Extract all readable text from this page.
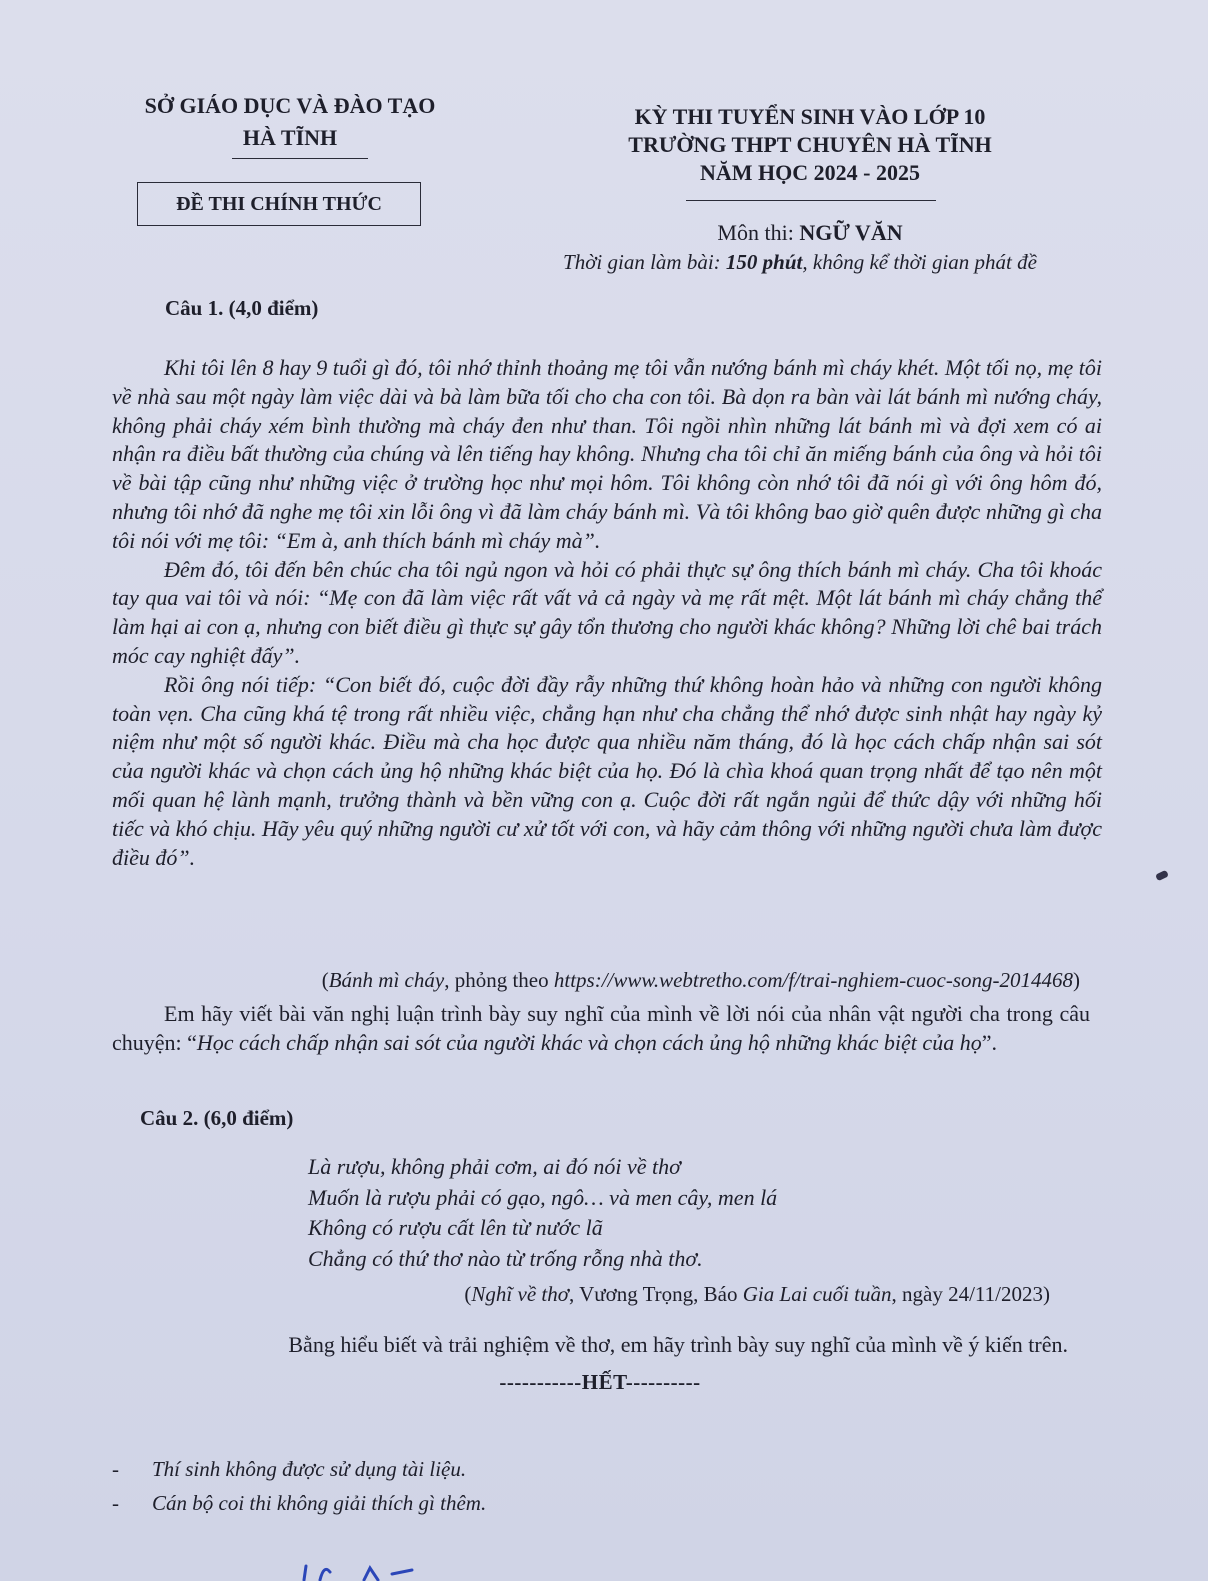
SỞ GIÁO DỤC VÀ ĐÀO TẠO
HÀ TĨNH
ĐỀ THI CHÍNH THỨC
KỲ THI TUYỂN SINH VÀO LỚP 10
TRƯỜNG THPT CHUYÊN HÀ TĨNH
NĂM HỌC 2024 - 2025
Môn thi: NGỮ VĂN
Thời gian làm bài: 150 phút, không kể thời gian phát đề
Câu 1. (4,0 điểm)

Khi tôi lên 8 hay 9 tuổi gì đó, tôi nhớ thỉnh thoảng mẹ tôi vẫn nướng bánh mì cháy khét. Một tối nọ, mẹ tôi về nhà sau một ngày làm việc dài và bà làm bữa tối cho cha con tôi. Bà dọn ra bàn vài lát bánh mì nướng cháy, không phải cháy xém bình thường mà cháy đen như than. Tôi ngồi nhìn những lát bánh mì và đợi xem có ai nhận ra điều bất thường của chúng và lên tiếng hay không. Nhưng cha tôi chỉ ăn miếng bánh của ông và hỏi tôi về bài tập cũng như những việc ở trường học như mọi hôm. Tôi không còn nhớ tôi đã nói gì với ông hôm đó, nhưng tôi nhớ đã nghe mẹ tôi xin lỗi ông vì đã làm cháy bánh mì. Và tôi không bao giờ quên được những gì cha tôi nói với mẹ tôi: “Em à, anh thích bánh mì cháy mà”.

Đêm đó, tôi đến bên chúc cha tôi ngủ ngon và hỏi có phải thực sự ông thích bánh mì cháy. Cha tôi khoác tay qua vai tôi và nói: “Mẹ con đã làm việc rất vất vả cả ngày và mẹ rất mệt. Một lát bánh mì cháy chẳng thể làm hại ai con ạ, nhưng con biết điều gì thực sự gây tổn thương cho người khác không? Những lời chê bai trách móc cay nghiệt đấy”.

Rồi ông nói tiếp: “Con biết đó, cuộc đời đầy rẫy những thứ không hoàn hảo và những con người không toàn vẹn. Cha cũng khá tệ trong rất nhiều việc, chẳng hạn như cha chẳng thể nhớ được sinh nhật hay ngày kỷ niệm như một số người khác. Điều mà cha học được qua nhiều năm tháng, đó là học cách chấp nhận sai sót của người khác và chọn cách ủng hộ những khác biệt của họ. Đó là chìa khoá quan trọng nhất để tạo nên một mối quan hệ lành mạnh, trưởng thành và bền vững con ạ. Cuộc đời rất ngắn ngủi để thức dậy với những hối tiếc và khó chịu. Hãy yêu quý những người cư xử tốt với con, và hãy cảm thông với những người chưa làm được điều đó”.

(Bánh mì cháy, phỏng theo https://www.webtretho.com/f/trai-nghiem-cuoc-song-2014468)

Em hãy viết bài văn nghị luận trình bày suy nghĩ của mình về lời nói của nhân vật người cha trong câu chuyện: “Học cách chấp nhận sai sót của người khác và chọn cách ủng hộ những khác biệt của họ”.

Câu 2. (6,0 điểm)
Là rượu, không phải cơm, ai đó nói về thơ
Muốn là rượu phải có gạo, ngô… và men cây, men lá
Không có rượu cất lên từ nước lã
Chẳng có thứ thơ nào từ trống rỗng nhà thơ.
(Nghĩ về thơ, Vương Trọng, Báo Gia Lai cuối tuần, ngày 24/11/2023)
Bằng hiểu biết và trải nghiệm về thơ, em hãy trình bày suy nghĩ của mình về ý kiến trên.
-----------HẾT----------
-	Thí sinh không được sử dụng tài liệu.
-	Cán bộ coi thi không giải thích gì thêm.
